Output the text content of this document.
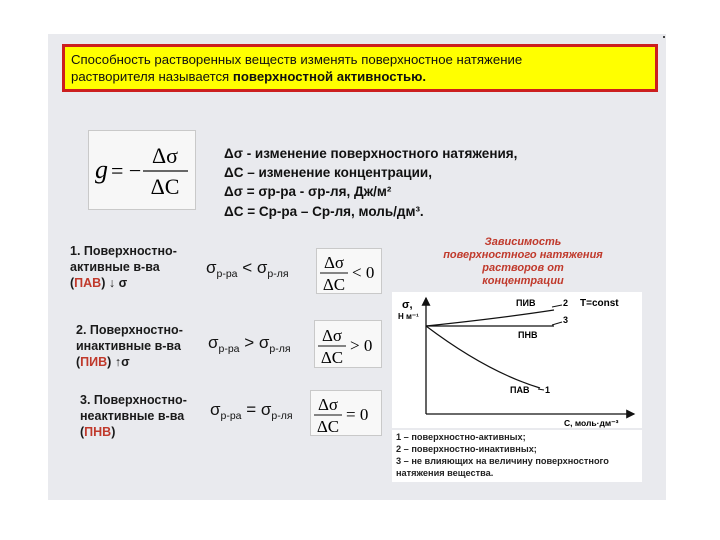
Способность растворенных веществ изменять поверхностное натяжение
растворителя называется поверхностной активностью.
g = −
Δσ
ΔC
Δσ - изменение поверхностного натяжения,
ΔC – изменение концентрации,
Δσ = σр-ра - σр-ля, Дж/м²
ΔC = Cр-ра – Cр-ля, моль/дм³.
1. Поверхностно-
активные в-ва
(ПАВ) ↓ σ
$\sigma_{р-ра} < \sigma_{р-ля}$
Δσ
ΔC
< 0
2. Поверхностно-
инактивные в-ва
(ПИВ) ↑σ
$\sigma_{р-ра} > \sigma_{р-ля}$
Δσ
ΔC
> 0
3. Поверхностно-
неактивные в-ва
(ПНВ)
$\sigma_{р-ра} = \sigma_{р-ля}$
Δσ
ΔC
= 0
Зависимость
поверхностного натяжения
растворов от
концентрации
σ,
Н м⁻¹
C, моль·дм⁻³
T=const
ПИВ	2
ПНВ
3
ПАВ 1
1 – поверхностно-активных;
2 – поверхностно-инактивных;
3 – не влияющих на величину поверхностного
натяжения вещества.
